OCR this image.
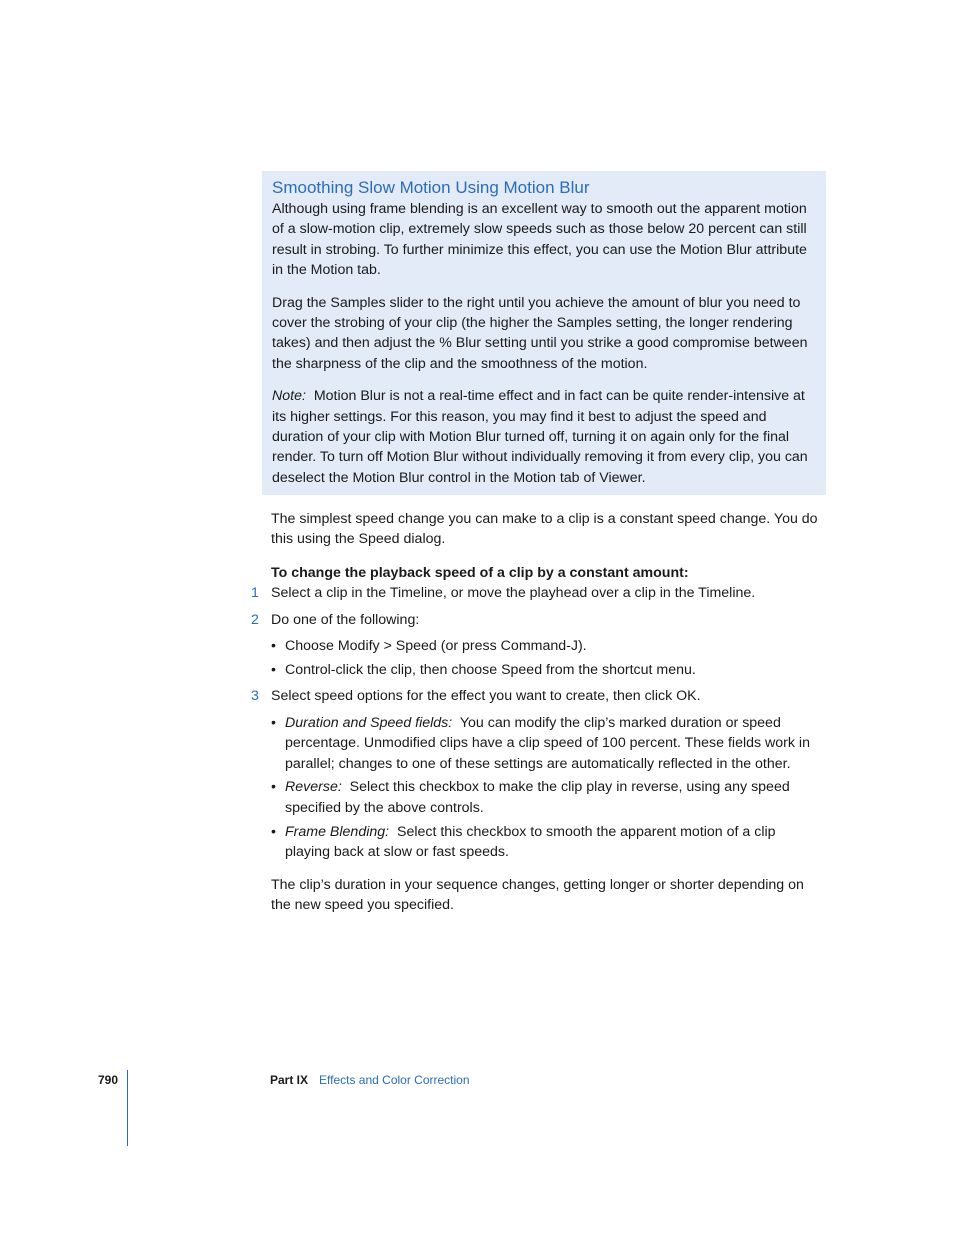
Smoothing Slow Motion Using Motion Blur

Although using frame blending is an excellent way to smooth out the apparent motion of a slow-motion clip, extremely slow speeds such as those below 20 percent can still result in strobing. To further minimize this effect, you can use the Motion Blur attribute in the Motion tab.

Drag the Samples slider to the right until you achieve the amount of blur you need to cover the strobing of your clip (the higher the Samples setting, the longer rendering takes) and then adjust the % Blur setting until you strike a good compromise between the sharpness of the clip and the smoothness of the motion.

Note: Motion Blur is not a real-time effect and in fact can be quite render-intensive at its higher settings. For this reason, you may find it best to adjust the speed and duration of your clip with Motion Blur turned off, turning it on again only for the final render. To turn off Motion Blur without individually removing it from every clip, you can deselect the Motion Blur control in the Motion tab of Viewer.

The simplest speed change you can make to a clip is a constant speed change. You do this using the Speed dialog.

To change the playback speed of a clip by a constant amount:

1 Select a clip in the Timeline, or move the playhead over a clip in the Timeline.
2 Do one of the following:
• Choose Modify > Speed (or press Command-J).
• Control-click the clip, then choose Speed from the shortcut menu.
3 Select speed options for the effect you want to create, then click OK.
• Duration and Speed fields: You can modify the clip’s marked duration or speed percentage. Unmodified clips have a clip speed of 100 percent. These fields work in parallel; changes to one of these settings are automatically reflected in the other.
• Reverse: Select this checkbox to make the clip play in reverse, using any speed specified by the above controls.
• Frame Blending: Select this checkbox to smooth the apparent motion of a clip playing back at slow or fast speeds.

The clip’s duration in your sequence changes, getting longer or shorter depending on the new speed you specified.

790	Part IX Effects and Color Correction
